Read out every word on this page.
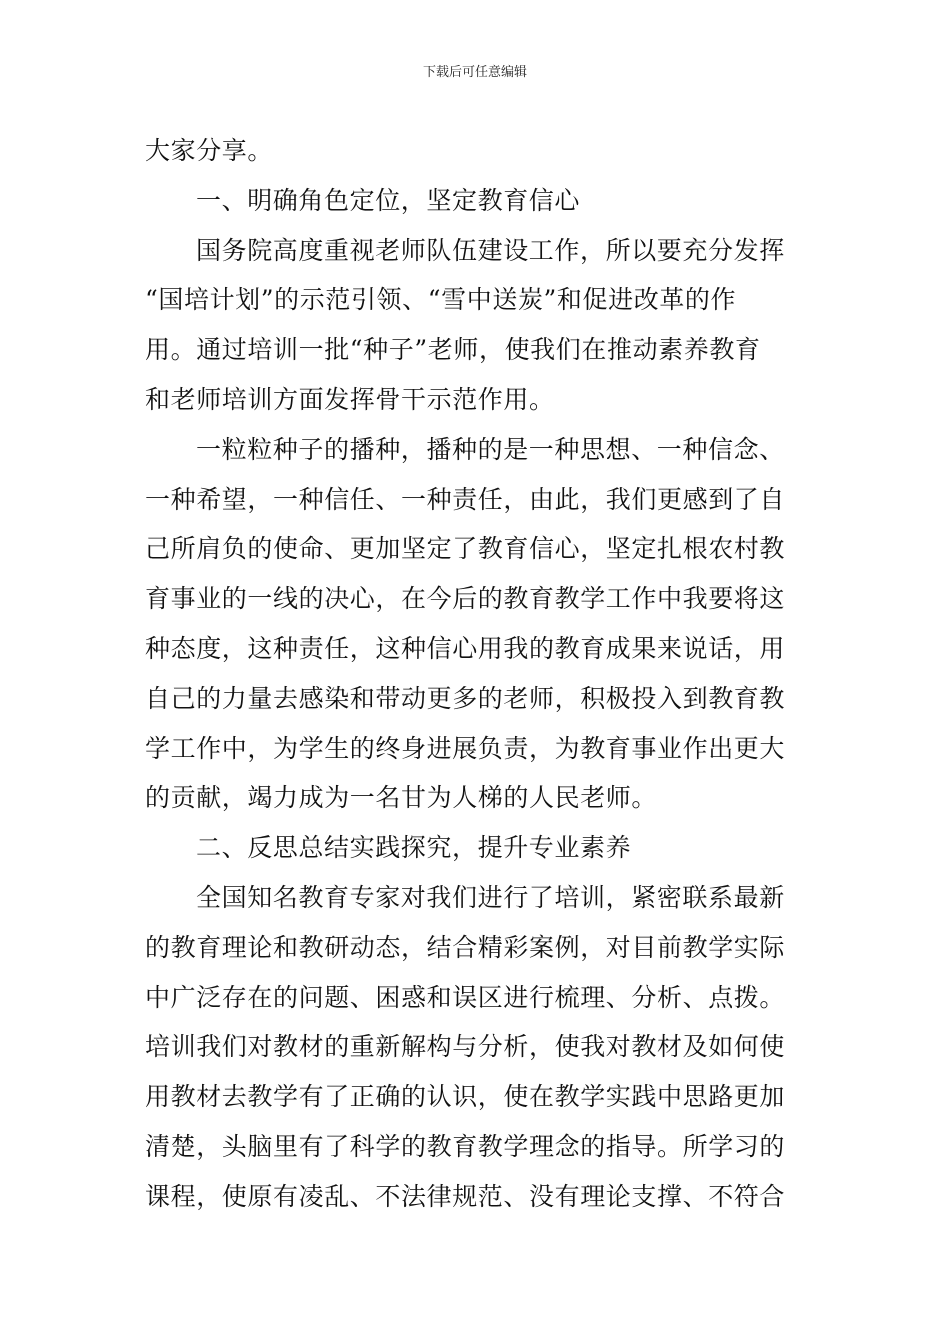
下载后可任意编辑
大家分享。
一、明确角色定位，坚定教育信心
国务院高度重视老师队伍建设工作，所以要充分发挥
“国培计划”的示范引领、“雪中送炭”和促进改革的作
用。通过培训一批“种子”老师，使我们在推动素养教育
和老师培训方面发挥骨干示范作用。
一粒粒种子的播种，播种的是一种思想、一种信念、
一种希望，一种信任、一种责任，由此，我们更感到了自
己所肩负的使命、更加坚定了教育信心，坚定扎根农村教
育事业的一线的决心，在今后的教育教学工作中我要将这
种态度，这种责任，这种信心用我的教育成果来说话，用
自己的力量去感染和带动更多的老师，积极投入到教育教
学工作中，为学生的终身进展负责，为教育事业作出更大
的贡献，竭力成为一名甘为人梯的人民老师。
二、反思总结实践探究，提升专业素养
全国知名教育专家对我们进行了培训，紧密联系最新
的教育理论和教研动态，结合精彩案例，对目前教学实际
中广泛存在的问题、困惑和误区进行梳理、分析、点拨。
培训我们对教材的重新解构与分析，使我对教材及如何使
用教材去教学有了正确的认识，使在教学实践中思路更加
清楚，头脑里有了科学的教育教学理念的指导。所学习的
课程，使原有凌乱、不法律规范、没有理论支撑、不符合
